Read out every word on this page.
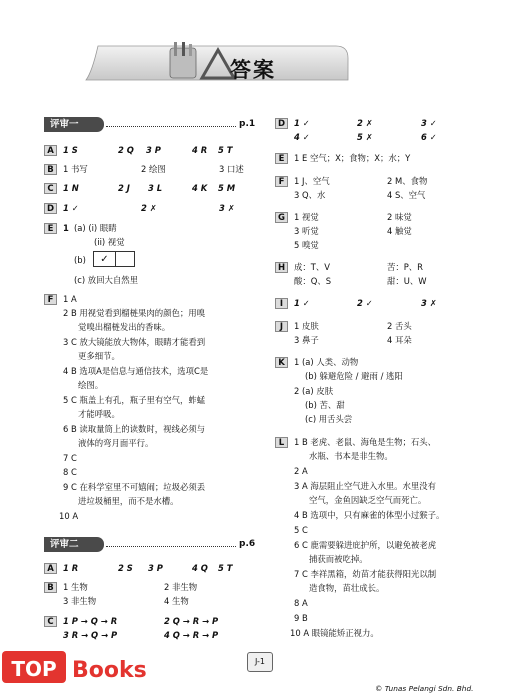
答案
评审一	p.1
A	1 S	2 Q 3 P	4 R 5 T
B	1 书写	2 绘图	3 口述
C	1 N	2 J 3 L	4 K 5 M
D	1 ✓	2 ✗	3 ✗
E	1 (a) (i) 眼睛
(ii) 视觉
(b)	✓
(c) 放回大自然里
F	1 A
2 B 用视觉看到榴梿果肉的颜色；用嗅
觉嗅出榴梿发出的香味。
3 C 放大镜能放大物体，眼睛才能看到
更多细节。
4 B 选项A是信息与通信技术，选项C是
绘图。
5 C 瓶盖上有孔，瓶子里有空气，蚱蜢
才能呼吸。
6 B 读取量筒上的读数时，视线必须与
液体的弯月面平行。
7 C
8 C
9 C 在科学室里不可嬉闹；垃圾必须丢
进垃圾桶里，而不是水槽。
10 A
A	1 R	2 S 3 P	4 Q 5 T
B	1 生物	2 非生物
3 非生物	4 生物
C	1 P → Q → R	2 Q → R → P
3 R → Q → P	4 Q → R → P
评审二	p.6
D	1 ✓	2 ✗	3 ✓
4 ✓	5 ✗	6 ✓
E	1 E 空气；X；食物；X；水；Y
F	1 J、空气	2 M、食物
3 Q、水	4 S、空气
G	1 视觉	2 味觉
3 听觉	4 触觉
5 嗅觉
H	成：T、V	苦：P、R
酸：Q、S	甜：U、W
I	1 ✓	2 ✓	3 ✗
J	1 皮肤	2 舌头
3 鼻子	4 耳朵
K	1 (a) 人类、动物
(b) 躲避危险 / 避雨 / 逃阳
2 (a) 皮肤
(b) 苦、甜
(c) 用舌头尝
L	1 B 老虎、老鼠、海龟是生物；石头、
水瓶、书本是非生物。
2 A
3 A 海层阻止空气进入水里。水里没有
空气，金鱼因缺乏空气而死亡。
4 B 选项中，只有麻雀的体型小过猴子。
5 C
6 C 鹿需要躲进庇护所，以避免被老虎
捕获而被吃掉。
7 C 李祥黑箱，幼苗才能获得阳光以制
造食物，苗壮成长。
8 A
9 B
10 A 眼镜能矫正视力。
J-1
© Tunas Pelangi Sdn. Bhd.
TOP Books
